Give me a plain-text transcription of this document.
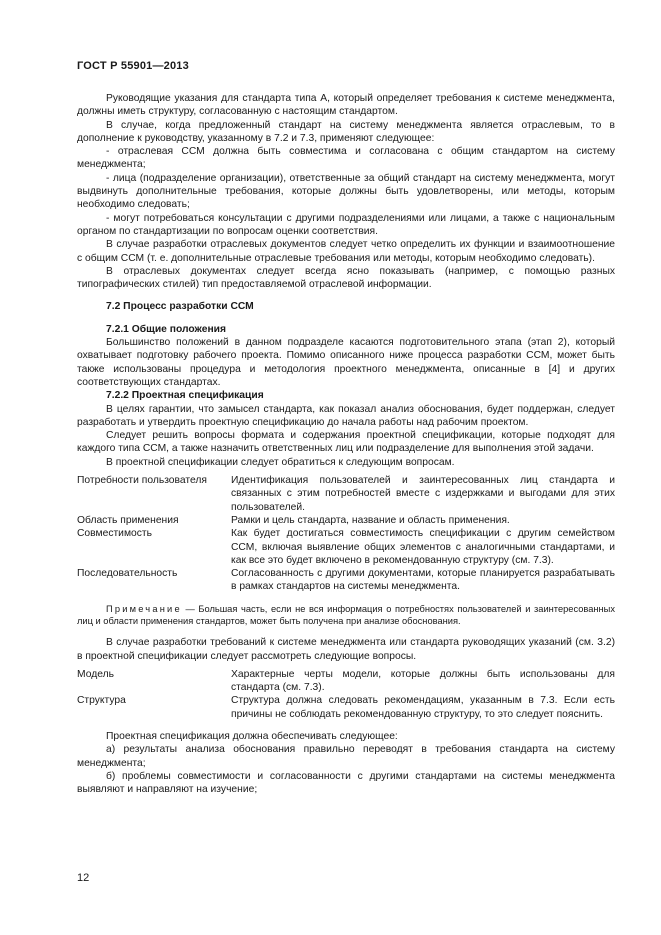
ГОСТ Р 55901—2013

Руководящие указания для стандарта типа А, который определяет требования к системе менеджмента, должны иметь структуру, согласованную с настоящим стандартом.

В случае, когда предложенный стандарт на систему менеджмента является отраслевым, то в дополнение к руководству, указанному в 7.2 и 7.3, применяют следующее:

- отраслевая ССМ должна быть совместима и согласована с общим стандартом на систему менеджмента;

- лица (подразделение организации), ответственные за общий стандарт на систему менеджмента, могут выдвинуть дополнительные требования, которые должны быть удовлетворены, или методы, которым необходимо следовать;

- могут потребоваться консультации с другими подразделениями или лицами, а также с национальным органом по стандартизации по вопросам оценки соответствия.

В случае разработки отраслевых документов следует четко определить их функции и взаимоотношение с общим ССМ (т. е. дополнительные отраслевые требования или методы, которым необходимо следовать).

В отраслевых документах следует всегда ясно показывать (например, с помощью разных типографических стилей) тип предоставляемой отраслевой информации.

7.2 Процесс разработки ССМ

7.2.1 Общие положения

Большинство положений в данном подразделе касаются подготовительного этапа (этап 2), который охватывает подготовку рабочего проекта. Помимо описанного ниже процесса разработки ССМ, может быть также использованы процедура и методология проектного менеджмента, описанные в [4] и других соответствующих стандартах.

7.2.2 Проектная спецификация

В целях гарантии, что замысел стандарта, как показал анализ обоснования, будет поддержан, следует разработать и утвердить проектную спецификацию до начала работы над рабочим проектом.

Следует решить вопросы формата и содержания проектной спецификации, которые подходят для каждого типа ССМ, а также назначить ответственных лиц или подразделение для выполнения этой задачи.

В проектной спецификации следует обратиться к следующим вопросам.

Потребности пользователя	Идентификация пользователей и заинтересованных лиц стандарта и связанных с этим потребностей вместе с издержками и выгодами для этих пользователей.
Область применения	Рамки и цель стандарта, название и область применения.
Совместимость	Как будет достигаться совместимость спецификации с другим семейством ССМ, включая выявление общих элементов с аналогичными стандартами, и как все это будет включено в рекомендованную структуру (см. 7.3).
Последовательность	Согласованность с другими документами, которые планируется разрабатывать в рамках стандартов на системы менеджмента.

Примечание — Большая часть, если не вся информация о потребностях пользователей и заинтересованных лиц и области применения стандартов, может быть получена при анализе обоснования.

В случае разработки требований к системе менеджмента или стандарта руководящих указаний (см. 3.2) в проектной спецификации следует рассмотреть следующие вопросы.

Модель	Характерные черты модели, которые должны быть использованы для стандарта (см. 7.3).
Структура	Структура должна следовать рекомендациям, указанным в 7.3. Если есть причины не соблюдать рекомендованную структуру, то это следует пояснить.

Проектная спецификация должна обеспечивать следующее:

а) результаты анализа обоснования правильно переводят в требования стандарта на систему менеджмента;

б) проблемы совместимости и согласованности с другими стандартами на системы менеджмента выявляют и направляют на изучение;

12
